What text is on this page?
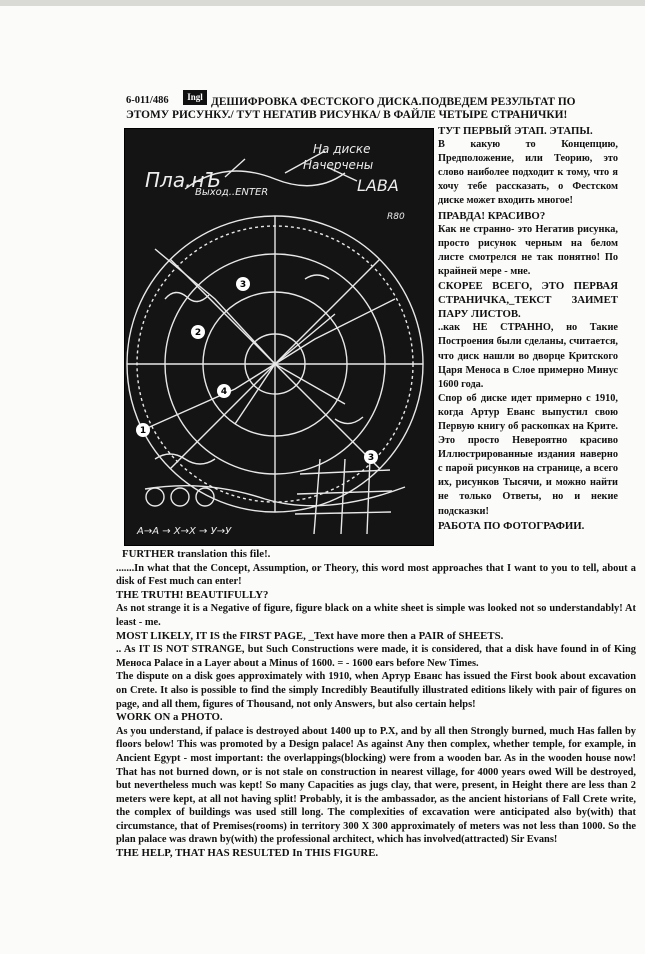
6-011/486	Ingl ДЕШИФРОВКА ФЕСТСКОГО ДИСКА.ПОДВЕДЕМ РЕЗУЛЬТАТ ПО ЭТОМУ РИСУНКУ./ ТУТ НЕГАТИВ РИСУНКА/ В ФАЙЛЕ ЧЕТЫРЕ СТРАНИЧКИ!
Пла.нЪ
На диске
Начерчены
LABA
Выход..ENTER
R80
A→A → X→X → У→У
3
2
4
1
3

ТУТ ПЕРВЫЙ ЭТАП. ЭТАПЫ.

В какую то Концепцию, Предположение, или Теорию, это слово наиболее подходит к тому, что я хочу тебе рассказать, о Фестском диске может входить многое!

ПРАВДА! КРАСИВО?

Как не странно- это Негатив рисунка, просто рисунок черным на белом листе смотрелся не так понятно! По крайней мере - мне.

СКОРЕЕ ВСЕГО, ЭТО ПЕРВАЯ СТРАНИЧКА,_ТЕКСТ ЗАИМЕТ ПАРУ ЛИСТОВ.

..как НЕ СТРАННО, но Такие Построения были сделаны, считается, что диск нашли во дворце Критского Царя Меноса в Слое примерно Минус 1600 года.

Спор об диске идет примерно с 1910, когда Артур Еванс выпустил свою Первую книгу об раскопках на Крите. Это просто Невероятно красиво Иллюстрированные издания наверно с парой рисунков на странице, а всего их, рисунков Тысячи, и можно найти не только Ответы, но и некие подсказки!

РАБОТА ПО ФОТОГРАФИИ.

FURTHER translation this file!.

.......In what that the Concept, Assumption, or Theory, this word most approaches that I want to you to tell, about a disk of Fest much can enter!

THE TRUTH! BEAUTIFULLY?

As not strange it is a Negative of figure, figure black on a white sheet is simple was looked not so understandably! At least - me.

MOST LIKELY, IT IS the FIRST PAGE, _Text have more then a PAIR of SHEETS.

.. As IT IS NOT STRANGE, but Such Constructions were made, it is considered, that a disk have found in of King Меноса Palace in a Layer about a Minus of 1600. = - 1600 ears before New Times.

The dispute on a disk goes approximately with 1910, when Артур Еванс has issued the First book about excavation on Crete. It also is possible to find the simply Incredibly Beautifully illustrated editions likely with pair of figures on page, and all them, figures of Thousand, not only Answers, but also certain helps!

WORK ON a PHOTO.

As you understand, if palace is destroyed about 1400 up to P.X, and by all then Strongly burned, much Has fallen by floors below! This was promoted by a Design palace! As against Any then complex, whether temple, for example, in Ancient Egypt - most important: the overlappings(blocking) were from a wooden bar. As in the wooden house now! That has not burned down, or is not stale on construction in nearest village, for 4000 years owed Will be destroyed, but nevertheless much was kept! So many Capacities as jugs clay, that were, present, in Height there are less than 2 meters were kept, at all not having split! Probably, it is the ambassador, as the ancient historians of Fall Crete write, the complex of buildings was used still long. The complexities of excavation were anticipated also by(with) that circumstance, that of Premises(rooms) in territory 300 X 300 approximately of meters was not less than 1000. So the plan palace was drawn by(with) the professional architect, which has involved(attracted) Sir Evans!

THE HELP, THAT HAS RESULTED In THIS FIGURE.
